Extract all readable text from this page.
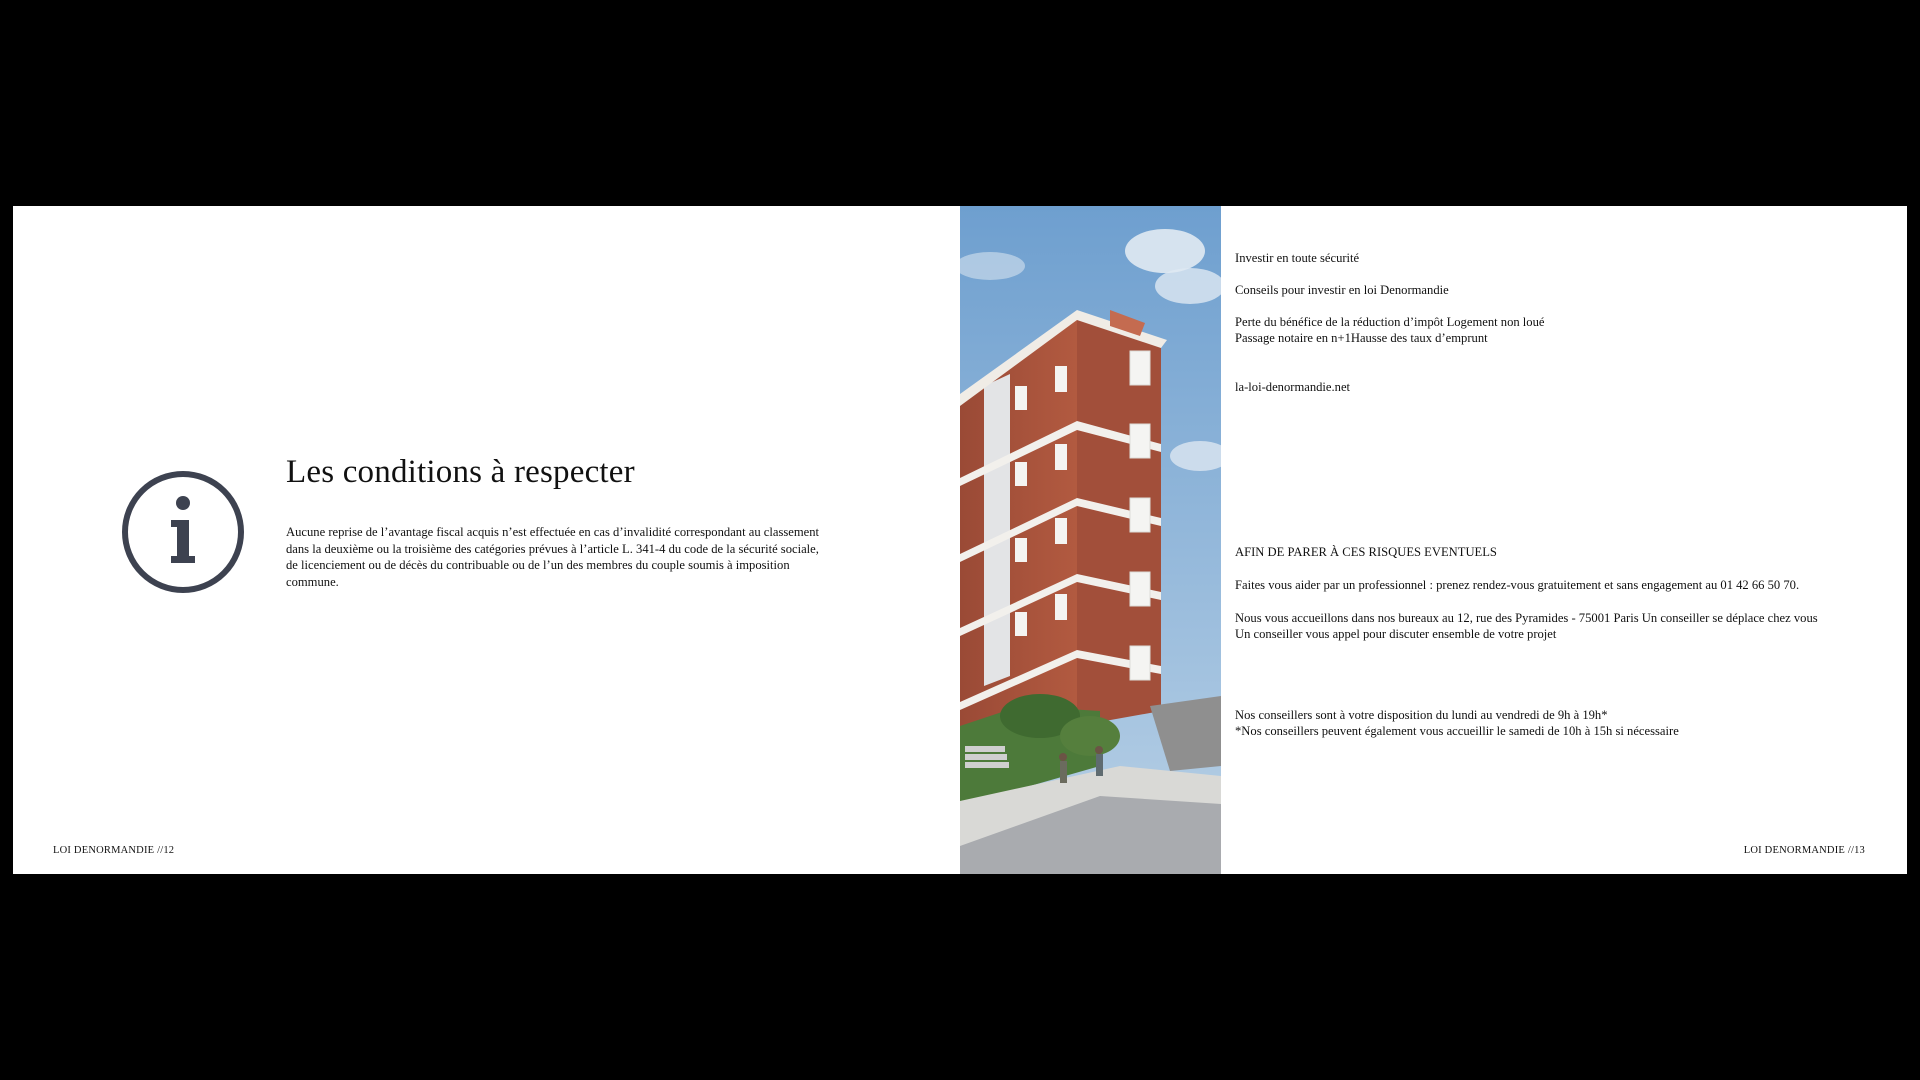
Les conditions à respecter

Aucune reprise de l’avantage fiscal acquis n’est effectuée en cas d’invalidité correspondant au classement dans la deuxième ou la troisième des catégories prévues à l’article L. 341-4 du code de la sécurité sociale, de licenciement ou de décès du contribuable ou de l’un des membres du couple soumis à imposition commune.

LOI DENORMANDIE //12

Investir en toute sécurité

Conseils pour investir en loi Denormandie

Perte du bénéfice de la réduction d’impôt Logement non loué

Passage notaire en n+1Hausse des taux d’emprunt

la-loi-denormandie.net

AFIN DE PARER À CES RISQUES EVENTUELS

Faites vous aider par un professionnel : prenez rendez-vous gratuitement et sans engagement au 01 42 66 50 70.

Nous vous accueillons dans nos bureaux au 12, rue des Pyramides - 75001 Paris Un conseiller se déplace chez vous

Un conseiller vous appel pour discuter ensemble de votre projet

Nos conseillers sont à votre disposition du lundi au vendredi de 9h à 19h*

*Nos conseillers peuvent également vous accueillir le samedi de 10h à 15h si nécessaire

LOI DENORMANDIE //13
